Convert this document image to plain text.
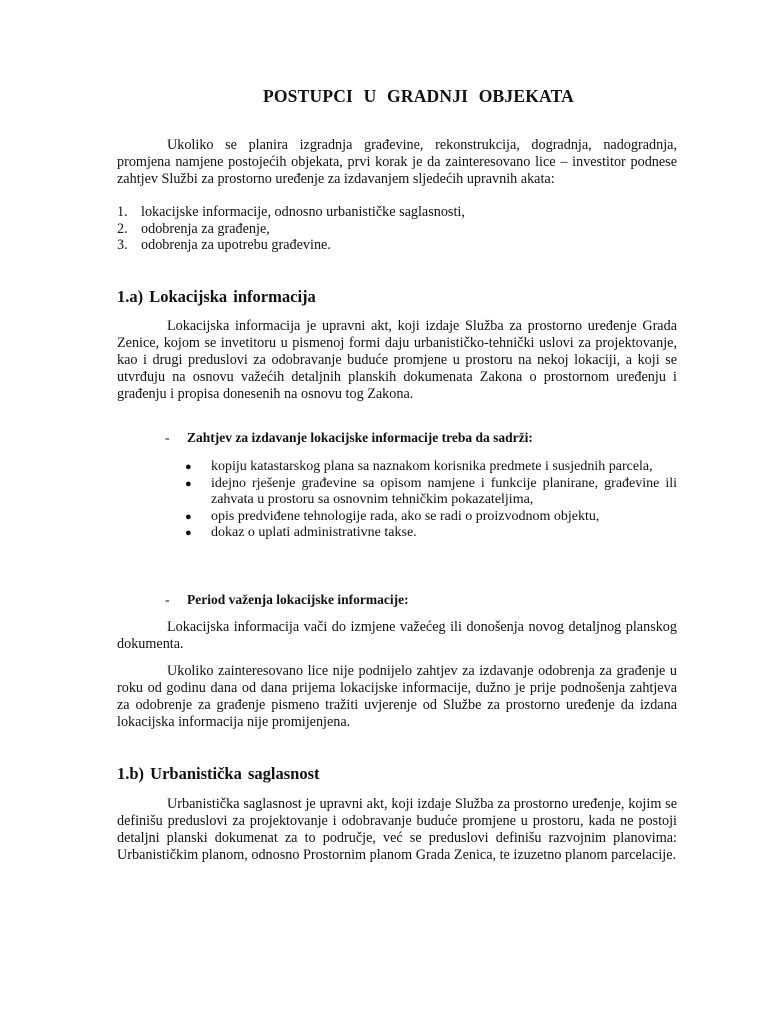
POSTUPCI U GRADNJI OBJEKATA

Ukoliko se planira izgradnja građevine, rekonstrukcija, dogradnja, nadogradnja, promjena namjene postojećih objekata, prvi korak je da zainteresovano lice – investitor podnese zahtjev Službi za prostorno uređenje za izdavanjem sljedećih upravnih akata:

1. lokacijske informacije, odnosno urbanističke saglasnosti,
2. odobrenja za građenje,
3. odobrenja za upotrebu građevine.
1.a) Lokacijska informacija

Lokacijska informacija je upravni akt, koji izdaje Služba za prostorno uređenje Grada Zenice, kojom se invetitoru u pismenoj formi daju urbanističko-tehnički uslovi za projektovanje, kao i drugi preduslovi za odobravanje buduće promjene u prostoru na nekoj lokaciji, a koji se utvrđuju na osnovu važećih detaljnih planskih dokumenata Zakona o prostornom uređenju i građenju i propisa donesenih na osnovu tog Zakona.

-	Zahtjev za izdavanje lokacijske informacije treba da sadrži:
●	kopiju katastarskog plana sa naznakom korisnika predmete i susjednih parcela,
●	idejno rješenje građevine sa opisom namjene i funkcije planirane, građevine ili zahvata u prostoru sa osnovnim tehničkim pokazateljima,
●	opis predviđene tehnologije rada, ako se radi o proizvodnom objektu,
●	dokaz o uplati administrativne takse.
-	Period važenja lokacijske informacije:

Lokacijska informacija vači do izmjene važećeg ili donošenja novog detaljnog planskog dokumenta.

Ukoliko zainteresovano lice nije podnijelo zahtjev za izdavanje odobrenja za građenje u roku od godinu dana od dana prijema lokacijske informacije, dužno je prije podnošenja zahtjeva za odobrenje za građenje pismeno tražiti uvjerenje od Službe za prostorno uređenje da izdana lokacijska informacija nije promijenjena.

1.b) Urbanistička saglasnost

Urbanistička saglasnost je upravni akt, koji izdaje Služba za prostorno uređenje, kojim se definišu preduslovi za projektovanje i odobravanje buduće promjene u prostoru, kada ne postoji detaljni planski dokumenat za to područje, već se preduslovi definišu razvojnim planovima: Urbanističkim planom, odnosno Prostornim planom Grada Zenica, te izuzetno planom parcelacije.
